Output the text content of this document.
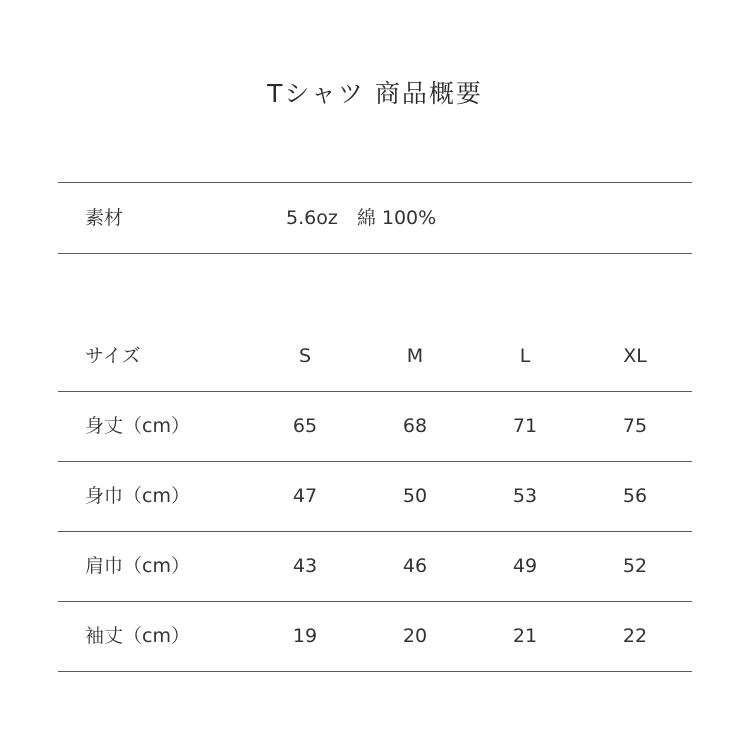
Tシャツ 商品概要
素材	5.6oz　綿 100%
サイズ	S	M	L	XL
身丈（cm）	65	68	71	75
身巾（cm）	47	50	53	56
肩巾（cm）	43	46	49	52
袖丈（cm）	19	20	21	22
